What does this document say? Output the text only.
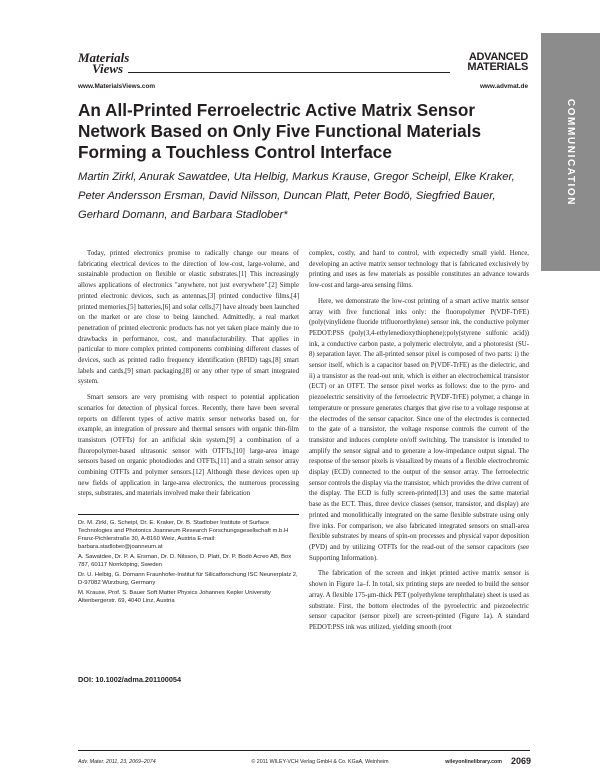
Materials
Views
ADVANCED
MATERIALS
www.MaterialsViews.com	www.advmat.de
COMMUNICATION
An All-Printed Ferroelectric Active Matrix Sensor Network Based on Only Five Functional Materials Forming a Touchless Control Interface
Martin Zirkl, Anurak Sawatdee, Uta Helbig, Markus Krause, Gregor Scheipl, Elke Kraker, Peter Andersson Ersman, David Nilsson, Duncan Platt, Peter Bodö, Siegfried Bauer, Gerhard Domann, and Barbara Stadlober*

Today, printed electronics promise to radically change our means of fabricating electrical devices to the direction of low-cost, large-volume, and sustainable production on flexible or elastic substrates.[1] This increasingly allows applications of electronics "anywhere, not just everywhere".[2] Simple printed electronic devices, such as antennas,[3] printed conductive films,[4] printed memories,[5] batteries,[6] and solar cells,[7] have already been launched on the market or are close to being launched. Admittedly, a real market penetration of printed electronic products has not yet taken place mainly due to drawbacks in performance, cost, and manufacturability. That applies in particular to more complex printed components combining different classes of devices, such as printed radio frequency identification (RFID) tags,[8] smart labels and cards,[9] smart packaging,[8] or any other type of smart integrated system.

Smart sensors are very promising with respect to potential application scenarios for detection of physical forces. Recently, there have been several reports on different types of active matrix sensor networks based on, for example, an integration of pressure and thermal sensors with organic thin-film transistors (OTFTs) for an artificial skin system,[9] a combination of a fluoropolymer-based ultrasonic sensor with OTFTs,[10] large-area image sensors based on organic photodiodes and OTFTs,[11] and a strain sensor array combining OTFTs and polymer sensors.[12] Although these devices open up new fields of application in large-area electronics, the numerous processing steps, substrates, and materials involved make their fabrication

complex, costly, and hard to control, with expectedly small yield. Hence, developing an active matrix sensor technology that is fabricated exclusively by printing and uses as few materials as possible constitutes an advance towards low-cost and large-area sensing films.

Here, we demonstrate the low-cost printing of a smart active matrix sensor array with five functional inks only: the fluoropolymer P(VDF-TrFE) (poly(vinylidene fluoride trifluoroethylene) sensor ink, the conductive polymer PEDOT:PSS (poly(3,4-ethylenedioxythiophene):poly(styrene sulfonic acid)) ink, a conductive carbon paste, a polymeric electrolyte, and a photoresist (SU-8) separation layer. The all-printed sensor pixel is composed of two parts: i) the sensor itself, which is a capacitor based on P(VDF-TrFE) as the dielectric, and ii) a transistor as the read-out unit, which is either an electrochemical transistor (ECT) or an OTFT. The sensor pixel works as follows: due to the pyro- and piezoelectric sensitivity of the ferroelectric P(VDF-TrFE) polymer, a change in temperature or pressure generates charges that give rise to a voltage response at the electrodes of the sensor capacitor. Since one of the electrodes is connected to the gate of a transistor, the voltage response controls the current of the transistor and induces complete on/off switching. The transistor is intended to amplify the sensor signal and to generate a low-impedance output signal. The response of the sensor pixels is visualized by means of a flexible electrochromic display (ECD) connected to the output of the sensor array. The ferroelectric sensor controls the display via the transistor, which provides the drive current of the display. The ECD is fully screen-printed[13] and uses the same material base as the ECT. Thus, three device classes (sensor, transistor, and display) are printed and monolithically integrated on the same flexible substrate using only five inks. For comparison, we also fabricated integrated sensors on small-area flexible substrates by means of spin-on processes and physical vapor deposition (PVD) and by utilizing OTFTs for the read-out of the sensor capacitors (see Supporting Information).

The fabrication of the screen and inkjet printed active matrix sensor is shown in Figure 1a–f. In total, six printing steps are needed to build the sensor array. A flexible 175-μm-thick PET (polyethylene terephthalate) sheet is used as substrate. First, the bottom electrodes of the pyroelectric and piezoelectric sensor capacitor (sensor pixel) are screen-printed (Figure 1a). A standard PEDOT:PSS ink was utilized, yielding smooth (root

Dr. M. Zirkl, G. Scheipl, Dr. E. Kraker, Dr. B. Stadlober Institute of Surface Technologies and Photonics Joanneum Research Forschungsgesellschaft m.b.H Franz-Pichlerstraße 30, A-8160 Weiz, Austria E-mail: barbara.stadlober@joanneum.at
A. Sawatdee, Dr. P. A. Ersman, Dr. D. Nilsson, D. Platt, Dr. P. Bodö Acreo AB, Box 787, 60117 Norrköping, Sweden
Dr. U. Helbig, G. Domann Fraunhofer-Institut für Silicatforschung ISC Neunerplatz 2, D-97082 Würzburg, Germany
M. Krause, Prof. S. Bauer Soft Matter Physics Johannes Kepler University Altenbergerstr. 69, 4040 Linz, Austria
DOI: 10.1002/adma.201100054
Adv. Mater. 2011, 23, 2069–2074	© 2011 WILEY-VCH Verlag GmbH & Co. KGaA, Weinheim	wileyonlinelibrary.com 2069
